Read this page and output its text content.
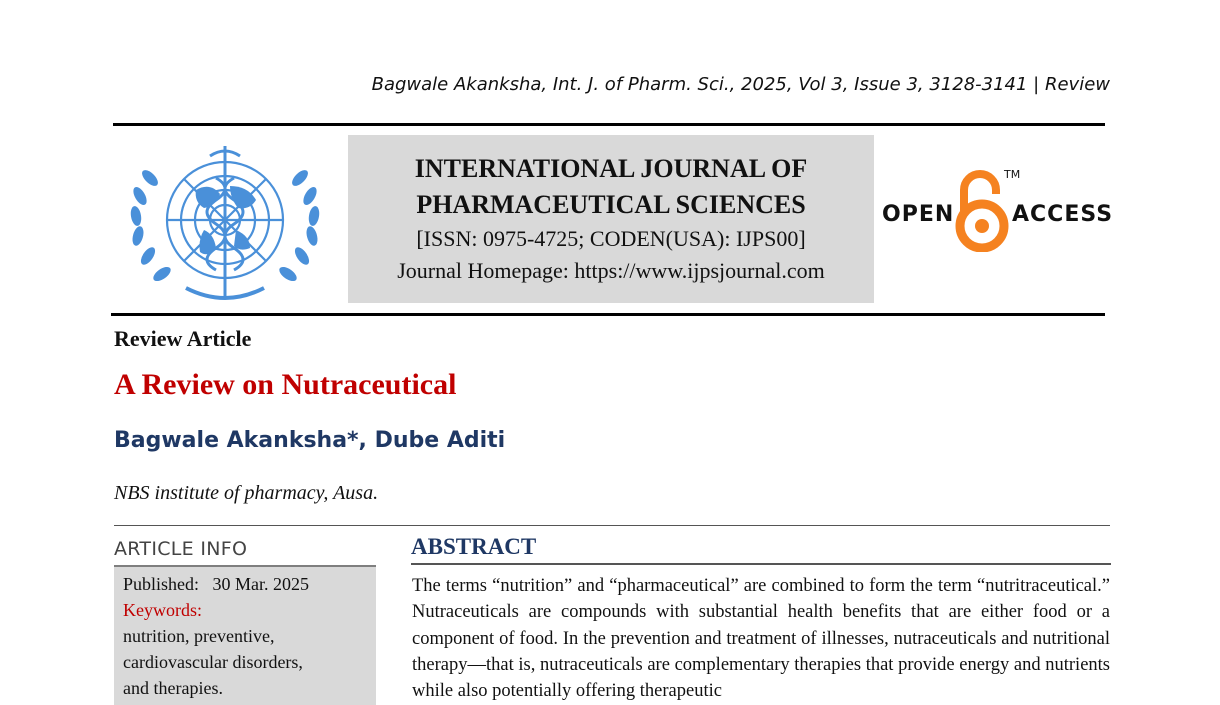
Bagwale Akanksha, Int. J. of Pharm. Sci., 2025, Vol 3, Issue 3, 3128-3141 | Review
INTERNATIONAL JOURNAL OF
PHARMACEUTICAL SCIENCES
[ISSN: 0975-4725; CODEN(USA): IJPS00]
Journal Homepage: https://www.ijpsjournal.com
OPEN
TM
ACCESS
Review Article
A Review on Nutraceutical
Bagwale Akanksha*, Dube Aditi
NBS institute of pharmacy, Ausa.
ARTICLE INFO
Published: 30 Mar. 2025
Keywords:
nutrition, preventive,
cardiovascular disorders,
and therapies.
ABSTRACT
The terms “nutrition” and “pharmaceutical” are combined to form the term “nutritraceutical.” Nutraceuticals are compounds with substantial health benefits that are either food or a component of food. In the prevention and treatment of illnesses, nutraceuticals and nutritional therapy—that is, nutraceuticals are complementary therapies that provide energy and nutrients while also potentially offering therapeutic
